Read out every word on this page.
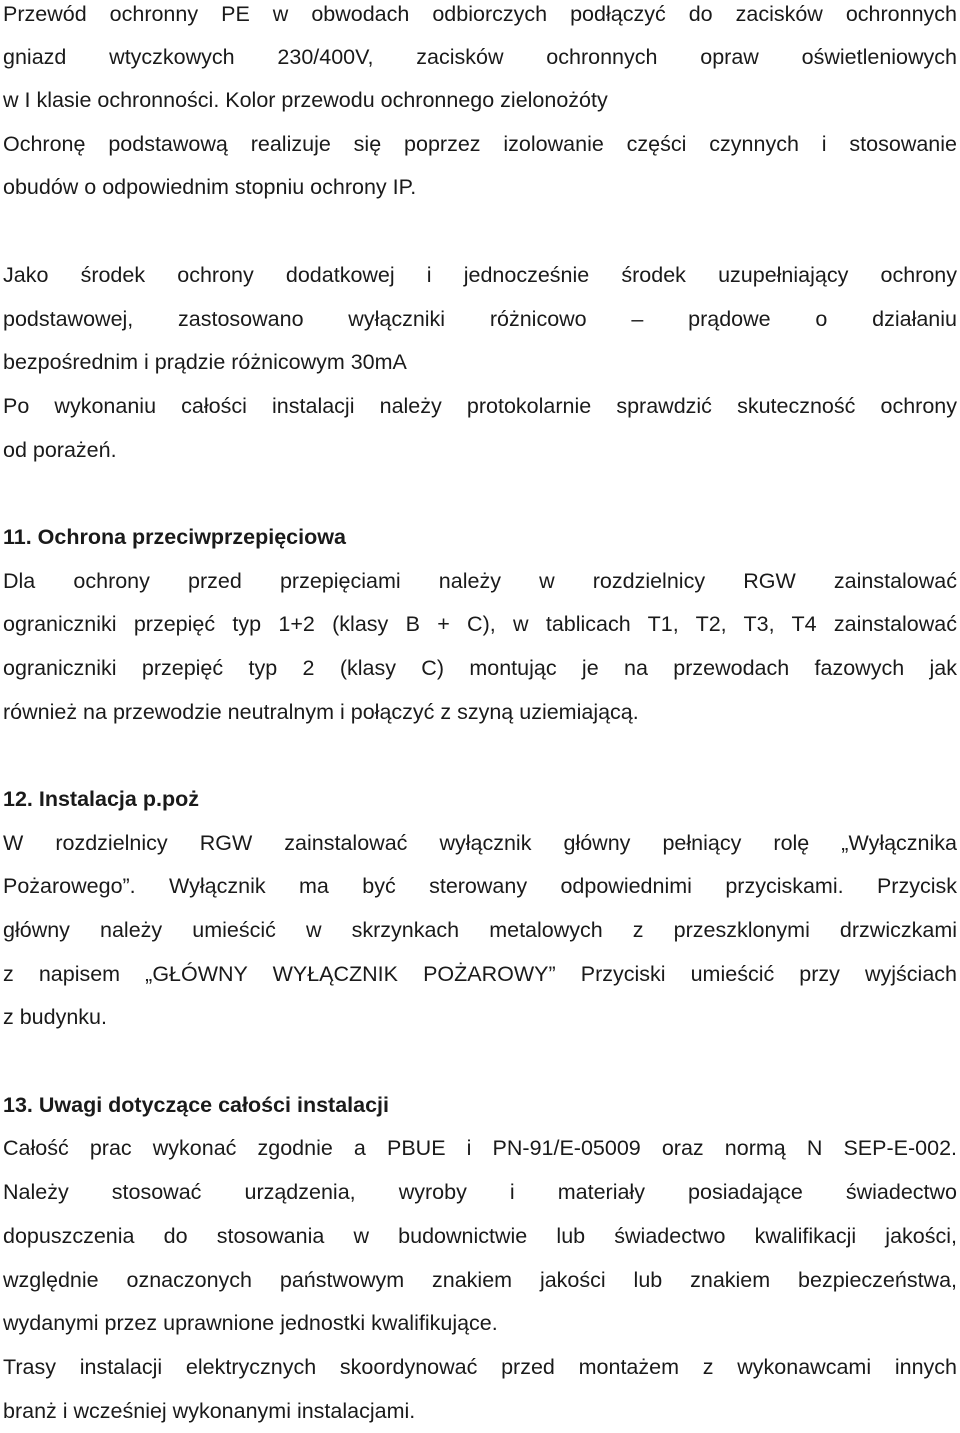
Przewód ochronny PE w obwodach odbiorczych podłączyć do zacisków ochronnych
gniazd wtyczkowych 230/400V, zacisków ochronnych opraw oświetleniowych
w I klasie ochronności. Kolor przewodu ochronnego zielonożóty
Ochronę podstawową realizuje się poprzez izolowanie części czynnych i stosowanie
obudów o odpowiednim stopniu ochrony IP.
Jako środek ochrony dodatkowej i jednocześnie środek uzupełniający ochrony
podstawowej, zastosowano wyłączniki różnicowo – prądowe o działaniu
bezpośrednim i prądzie różnicowym 30mA
Po wykonaniu całości instalacji należy protokolarnie sprawdzić skuteczność ochrony
od porażeń.
11. Ochrona przeciwprzepięciowa
Dla ochrony przed przepięciami należy w rozdzielnicy RGW zainstalować
ograniczniki przepięć typ 1+2 (klasy B + C), w tablicach T1, T2, T3, T4 zainstalować
ograniczniki przepięć typ 2 (klasy C) montując je na przewodach fazowych jak
również na przewodzie neutralnym i połączyć z szyną uziemiającą.
12. Instalacja p.poż
W rozdzielnicy RGW zainstalować wyłącznik główny pełniący rolę „Wyłącznika
Pożarowego”. Wyłącznik ma być sterowany odpowiednimi przyciskami. Przycisk
główny należy umieścić w skrzynkach metalowych z przeszklonymi drzwiczkami
z napisem „GŁÓWNY WYŁĄCZNIK POŻAROWY” Przyciski umieścić przy wyjściach
z budynku.
13. Uwagi dotyczące całości instalacji
Całość prac wykonać zgodnie a PBUE i PN-91/E-05009 oraz normą N SEP-E-002.
Należy stosować urządzenia, wyroby i materiały posiadające świadectwo
dopuszczenia do stosowania w budownictwie lub świadectwo kwalifikacji jakości,
względnie oznaczonych państwowym znakiem jakości lub znakiem bezpieczeństwa,
wydanymi przez uprawnione jednostki kwalifikujące.
Trasy instalacji elektrycznych skoordynować przed montażem z wykonawcami innych
branż i wcześniej wykonanymi instalacjami.
